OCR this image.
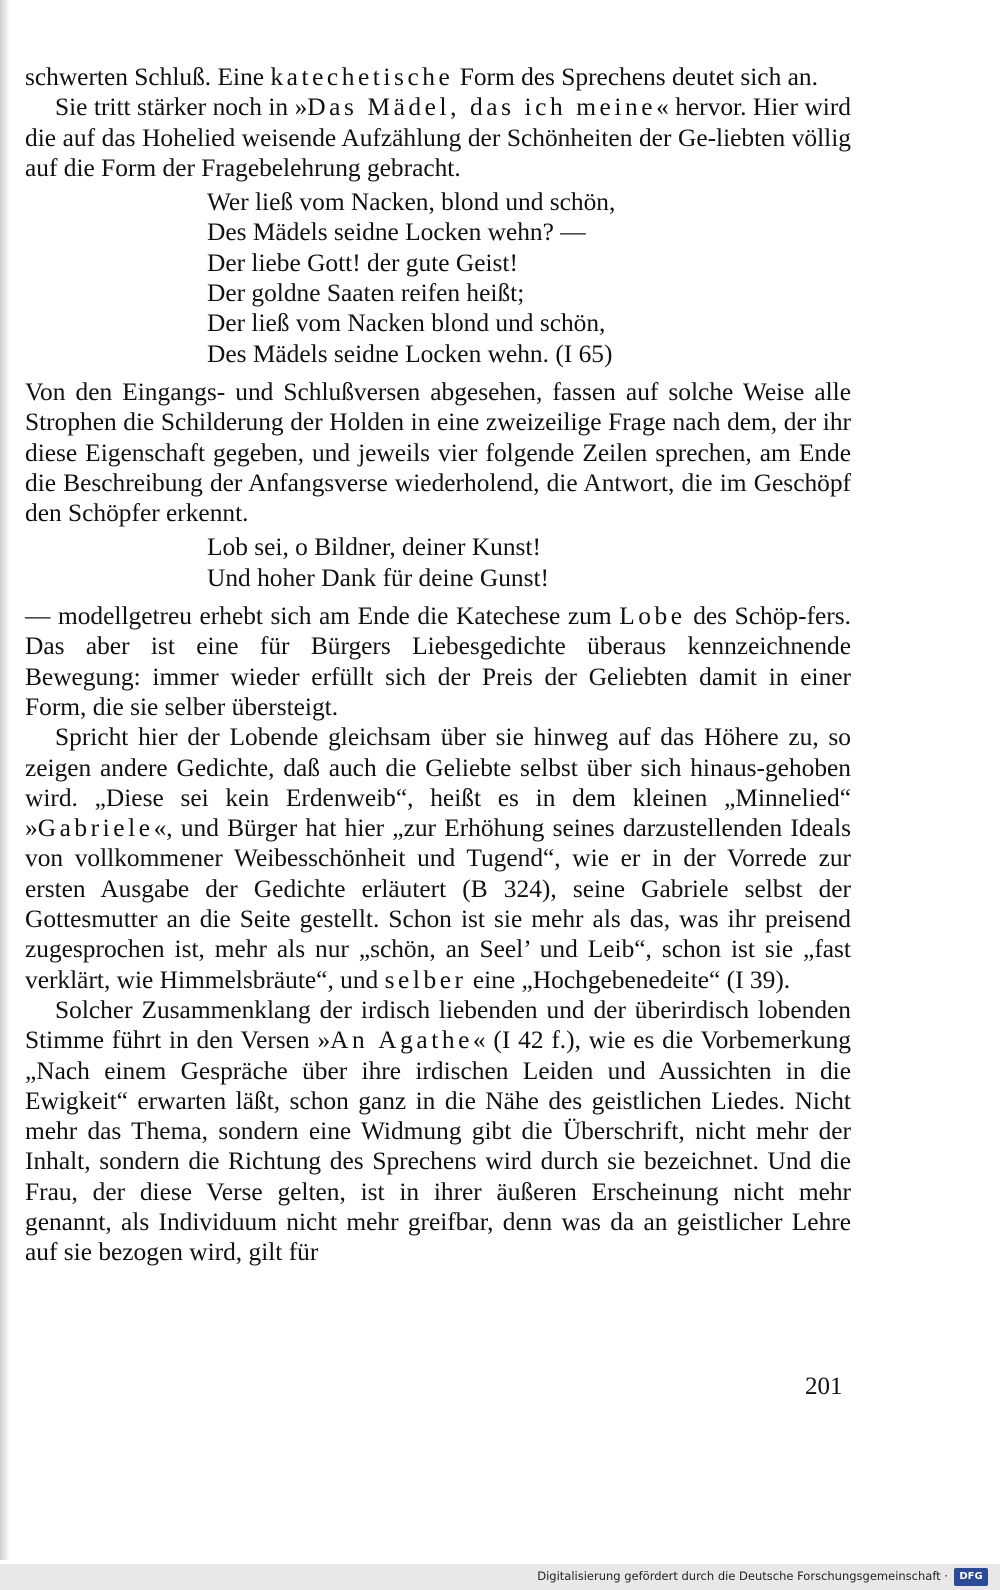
schwerten Schluß. Eine katechetische Form des Sprechens deutet sich an.

Sie tritt stärker noch in »Das Mädel, das ich meine« hervor. Hier wird die auf das Hohelied weisende Aufzählung der Schönheiten der Ge-liebten völlig auf die Form der Fragebelehrung gebracht.

Wer ließ vom Nacken, blond und schön,
Des Mädels seidne Locken wehn? —
Der liebe Gott! der gute Geist!
Der goldne Saaten reifen heißt;
Der ließ vom Nacken blond und schön,
Des Mädels seidne Locken wehn. (I 65)

Von den Eingangs- und Schlußversen abgesehen, fassen auf solche Weise alle Strophen die Schilderung der Holden in eine zweizeilige Frage nach dem, der ihr diese Eigenschaft gegeben, und jeweils vier folgende Zeilen sprechen, am Ende die Beschreibung der Anfangsverse wiederholend, die Antwort, die im Geschöpf den Schöpfer erkennt.

Lob sei, o Bildner, deiner Kunst!
Und hoher Dank für deine Gunst!

— modellgetreu erhebt sich am Ende die Katechese zum Lobe des Schöp-fers. Das aber ist eine für Bürgers Liebesgedichte überaus kennzeichnende Bewegung: immer wieder erfüllt sich der Preis der Geliebten damit in einer Form, die sie selber übersteigt.

Spricht hier der Lobende gleichsam über sie hinweg auf das Höhere zu, so zeigen andere Gedichte, daß auch die Geliebte selbst über sich hinaus-gehoben wird. „Diese sei kein Erdenweib“, heißt es in dem kleinen „Minnelied“ »Gabriele«, und Bürger hat hier „zur Erhöhung seines darzustellenden Ideals von vollkommener Weibesschönheit und Tugend“, wie er in der Vorrede zur ersten Ausgabe der Gedichte erläutert (B 324), seine Gabriele selbst der Gottesmutter an die Seite gestellt. Schon ist sie mehr als das, was ihr preisend zugesprochen ist, mehr als nur „schön, an Seel’ und Leib“, schon ist sie „fast verklärt, wie Himmelsbräute“, und selber eine „Hochgebenedeite“ (I 39).

Solcher Zusammenklang der irdisch liebenden und der überirdisch lobenden Stimme führt in den Versen »An Agathe« (I 42 f.), wie es die Vorbemerkung „Nach einem Gespräche über ihre irdischen Leiden und Aussichten in die Ewigkeit“ erwarten läßt, schon ganz in die Nähe des geistlichen Liedes. Nicht mehr das Thema, sondern eine Widmung gibt die Überschrift, nicht mehr der Inhalt, sondern die Richtung des Sprechens wird durch sie bezeichnet. Und die Frau, der diese Verse gelten, ist in ihrer äußeren Erscheinung nicht mehr genannt, als Individuum nicht mehr greifbar, denn was da an geistlicher Lehre auf sie bezogen wird, gilt für

201
Digitalisierung gefördert durch die Deutsche Forschungsgemeinschaft ·	DFG
